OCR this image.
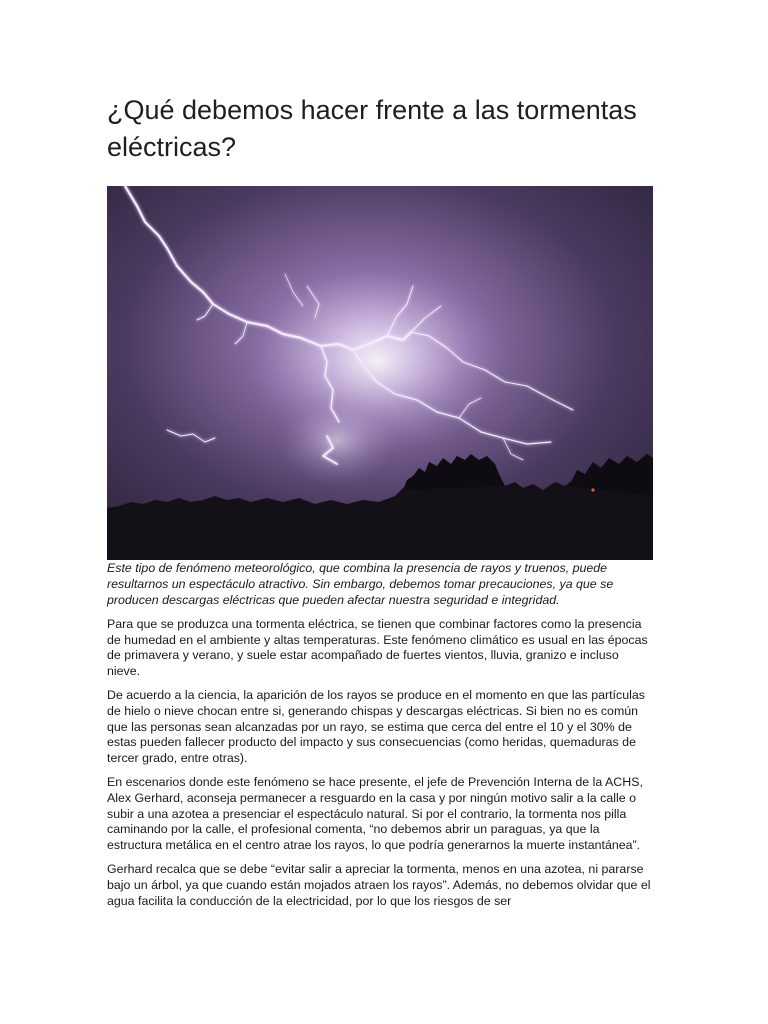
¿Qué debemos hacer frente a las tormentas eléctricas?

Este tipo de fenómeno meteorológico, que combina la presencia de rayos y truenos, puede resultarnos un espectáculo atractivo. Sin embargo, debemos tomar precauciones, ya que se producen descargas eléctricas que pueden afectar nuestra seguridad e integridad.

Para que se produzca una tormenta eléctrica, se tienen que combinar factores como la presencia de humedad en el ambiente y altas temperaturas. Este fenómeno climático es usual en las épocas de primavera y verano, y suele estar acompañado de fuertes vientos, lluvia, granizo e incluso nieve.

De acuerdo a la ciencia, la aparición de los rayos se produce en el momento en que las partículas de hielo o nieve chocan entre si, generando chispas y descargas eléctricas. Si bien no es común que las personas sean alcanzadas por un rayo, se estima que cerca del entre el 10 y el 30% de estas pueden fallecer producto del impacto y sus consecuencias (como heridas, quemaduras de tercer grado, entre otras).

En escenarios donde este fenómeno se hace presente, el jefe de Prevención Interna de la ACHS, Alex Gerhard, aconseja permanecer a resguardo en la casa y por ningún motivo salir a la calle o subir a una azotea a presenciar el espectáculo natural. Si por el contrario, la tormenta nos pilla caminando por la calle, el profesional comenta, “no debemos abrir un paraguas, ya que la estructura metálica en el centro atrae los rayos, lo que podría generarnos la muerte instantánea”.

Gerhard recalca que se debe “evitar salir a apreciar la tormenta, menos en una azotea, ni pararse bajo un árbol, ya que cuando están mojados atraen los rayos”. Además, no debemos olvidar que el agua facilita la conducción de la electricidad, por lo que los riesgos de ser
